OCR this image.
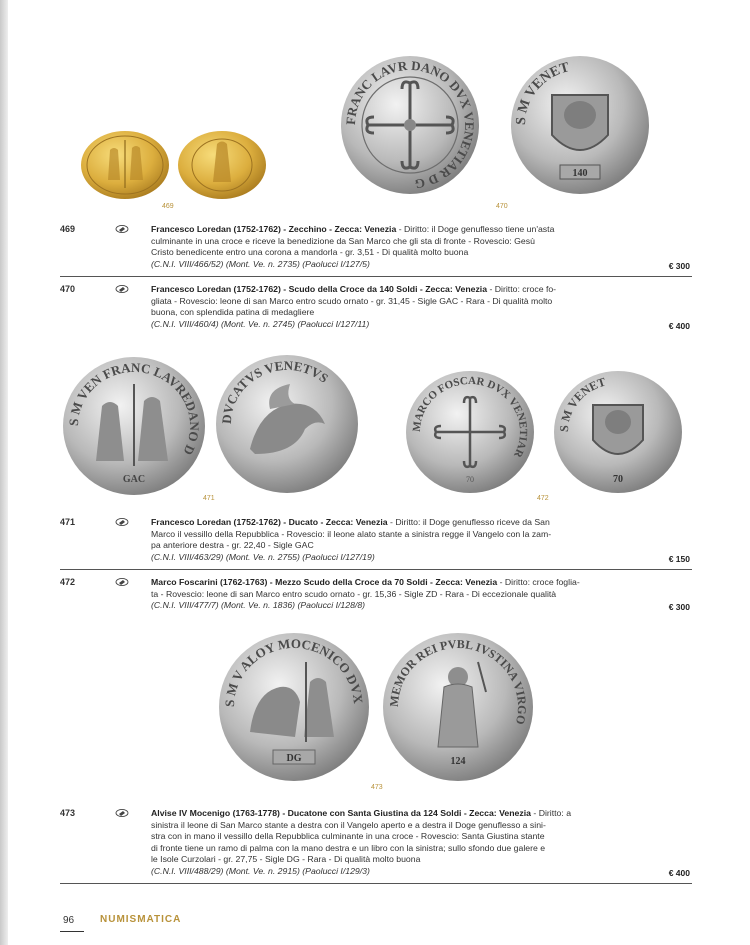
469
FRANC LAVR DANO DVX VENETIAR D G
S M VENET
140
470
469	Francesco Loredan (1752-1762) - Zecchino - Zecca: Venezia - Diritto: il Doge genuflesso tiene un'asta
culminante in una croce e riceve la benedizione da San Marco che gli sta di fronte - Rovescio: Gesù
Cristo benedicente entro una corona a mandorla - gr. 3,51 - Di qualità molto buona
(C.N.I. VIII/466/52) (Mont. Ve. n. 2735) (Paolucci I/127/5)	€ 300
470	Francesco Loredan (1752-1762) - Scudo della Croce da 140 Soldi - Zecca: Venezia - Diritto: croce fo-
gliata - Rovescio: leone di san Marco entro scudo ornato - gr. 31,45 - Sigle GAC - Rara - Di qualità molto
buona, con splendida patina di medagliere
(C.N.I. VIII/460/4) (Mont. Ve. n. 2745) (Paolucci I/127/11)	€ 400
S M VEN FRANC LAVREDANO D
GAC
DVCATVS VENETVS
471
MARCO FOSCAR DVX VENETIAR
70
S M VENET
70
472
471	Francesco Loredan (1752-1762) - Ducato - Zecca: Venezia - Diritto: il Doge genuflesso riceve da San
Marco il vessillo della Repubblica - Rovescio: il leone alato stante a sinistra regge il Vangelo con la zam-
pa anteriore destra - gr. 22,40 - Sigle GAC
(C.N.I. VIII/463/29) (Mont. Ve. n. 2755) (Paolucci I/127/19)	€ 150
472	Marco Foscarini (1762-1763) - Mezzo Scudo della Croce da 70 Soldi - Zecca: Venezia - Diritto: croce foglia-
ta - Rovescio: leone di san Marco entro scudo ornato - gr. 15,36 - Sigle ZD - Rara - Di eccezionale qualità
(C.N.I. VIII/477/7) (Mont. Ve. n. 1836) (Paolucci I/128/8)	€ 300
S M V ALOY MOCENICO DVX
DG
MEMOR REI PVBL IVSTINA VIRGO
124
473
473	Alvise IV Mocenigo (1763-1778) - Ducatone con Santa Giustina da 124 Soldi - Zecca: Venezia - Diritto: a
sinistra il leone di San Marco stante a destra con il Vangelo aperto e a destra il Doge genuflesso a sini-
stra con in mano il vessillo della Repubblica culminante in una croce - Rovescio: Santa Giustina stante
di fronte tiene un ramo di palma con la mano destra e un libro con la sinistra; sullo sfondo due galere e
le Isole Curzolari - gr. 27,75 - Sigle DG - Rara - Di qualità molto buona
(C.N.I. VIII/488/29) (Mont. Ve. n. 2915) (Paolucci I/129/3)	€ 400
96	NUMISMATICA
